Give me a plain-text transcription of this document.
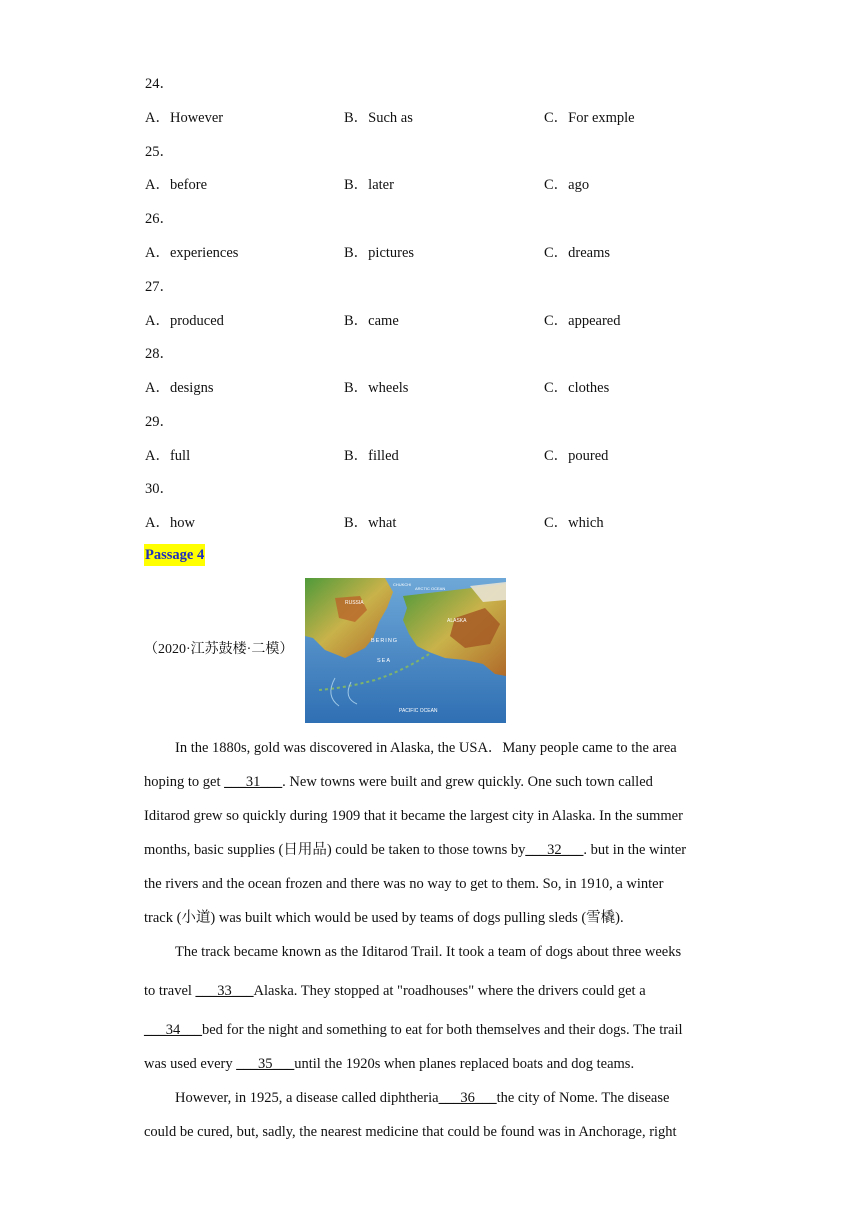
24．
A．However	B．Such as	C．For exmple
25．
A．before	B．later	C．ago
26．
A．experiences	B．pictures	C．dreams
27．
A．produced	B．came	C．appeared
28．
A．designs	B．wheels	C．clothes
29．
A．full	B．filled	C．poured
30．
A．how	B．what	C．which
Passage 4
（2020·江苏鼓楼·二模）
RUSSIA
ALASKA
BERING
SEA
PACIFIC OCEAN
CHUKCHI
ARCTIC OCEAN
In the 1880s, gold was discovered in Alaska, the USA．Many people came to the area
hoping to get ___31___. New towns were built and grew quickly. One such town called
Iditarod grew so quickly during 1909 that it became the largest city in Alaska. In the summer
months, basic supplies (日用品) could be taken to those towns by___32___. but in the winter
the rivers and the ocean frozen and there was no way to get to them. So, in 1910, a winter
track (小道) was built which would be used by teams of dogs pulling sleds (雪橇).
The track became known as the Iditarod Trail. It took a team of dogs about three weeks
to travel ___33___Alaska. They stopped at "roadhouses" where the drivers could get a
___34___bed for the night and something to eat for both themselves and their dogs. The trail
was used every ___35___until the 1920s when planes replaced boats and dog teams.
However, in 1925, a disease called diphtheria___36___the city of Nome. The disease
could be cured, but, sadly, the nearest medicine that could be found was in Anchorage, right
